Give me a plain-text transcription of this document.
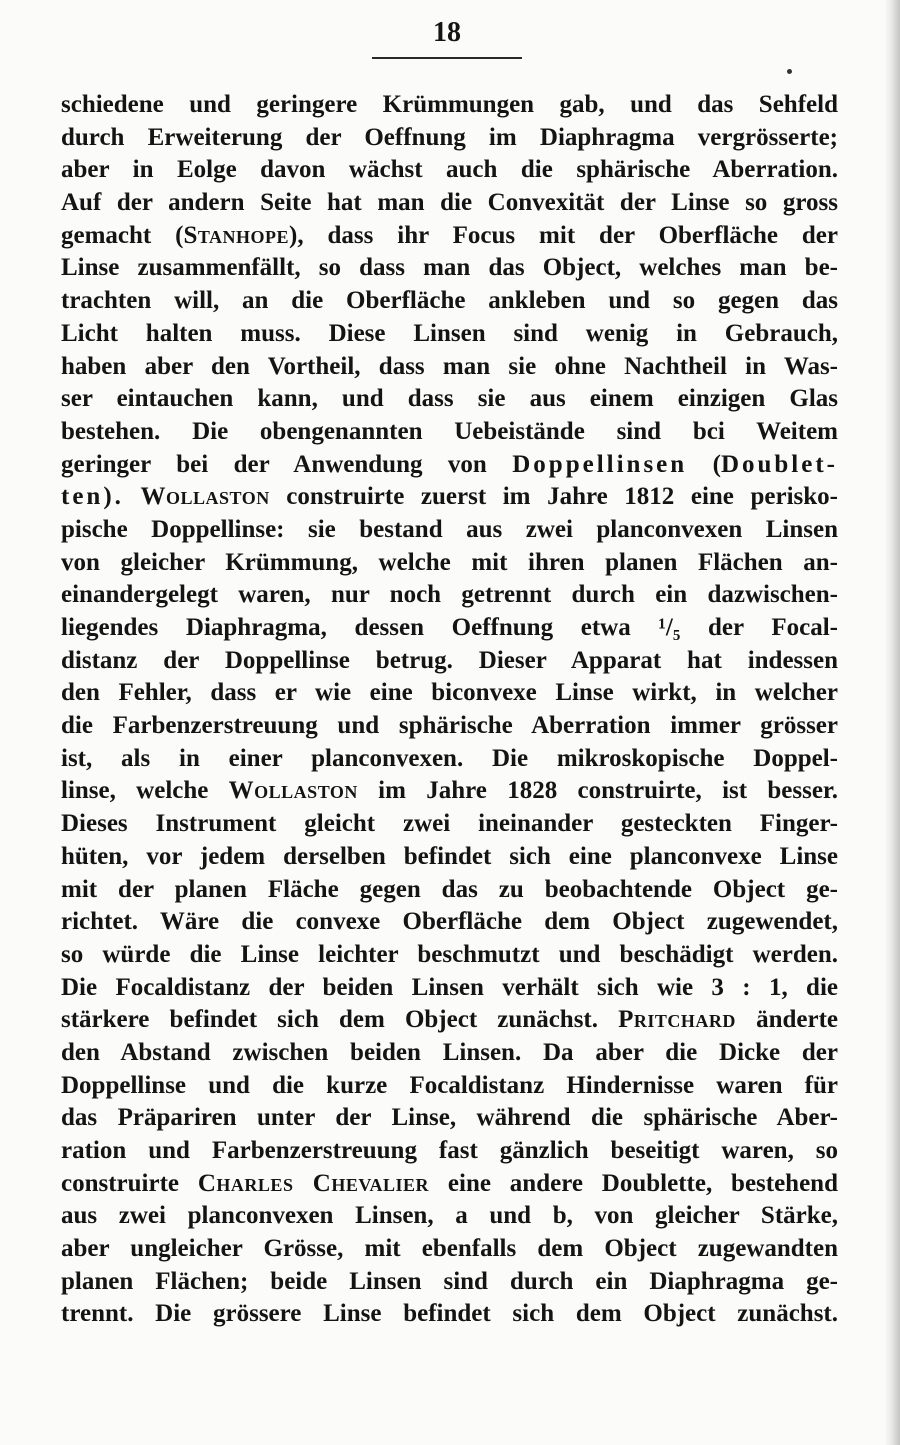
18
schiedene und geringere Krümmungen gab, und das Sehfeld
durch Erweiterung der Oeffnung im Diaphragma vergrösserte;
aber in Eolge davon wächst auch die sphärische Aberration.
Auf der andern Seite hat man die Convexität der Linse so gross
gemacht (Stanhope), dass ihr Focus mit der Oberfläche der
Linse zusammenfällt, so dass man das Object, welches man be-
trachten will, an die Oberfläche ankleben und so gegen das
Licht halten muss. Diese Linsen sind wenig in Gebrauch,
haben aber den Vortheil, dass man sie ohne Nachtheil in Was-
ser eintauchen kann, und dass sie aus einem einzigen Glas
bestehen. Die obengenannten Uebeistände sind bci Weitem
geringer bei der Anwendung von Doppellinsen (Doublet-
ten). Wollaston construirte zuerst im Jahre 1812 eine perisko-
pische Doppellinse: sie bestand aus zwei planconvexen Linsen
von gleicher Krümmung, welche mit ihren planen Flächen an-
einandergelegt waren, nur noch getrennt durch ein dazwischen-
liegendes Diaphragma, dessen Oeffnung etwa ¹/₅ der Focal-
distanz der Doppellinse betrug. Dieser Apparat hat indessen
den Fehler, dass er wie eine biconvexe Linse wirkt, in welcher
die Farbenzerstreuung und sphärische Aberration immer grösser
ist, als in einer planconvexen. Die mikroskopische Doppel-
linse, welche Wollaston im Jahre 1828 construirte, ist besser.
Dieses Instrument gleicht zwei ineinander gesteckten Finger-
hüten, vor jedem derselben befindet sich eine planconvexe Linse
mit der planen Fläche gegen das zu beobachtende Object ge-
richtet. Wäre die convexe Oberfläche dem Object zugewendet,
so würde die Linse leichter beschmutzt und beschädigt werden.
Die Focaldistanz der beiden Linsen verhält sich wie 3 : 1, die
stärkere befindet sich dem Object zunächst. Pritchard änderte
den Abstand zwischen beiden Linsen. Da aber die Dicke der
Doppellinse und die kurze Focaldistanz Hindernisse waren für
das Präpariren unter der Linse, während die sphärische Aber-
ration und Farbenzerstreuung fast gänzlich beseitigt waren, so
construirte Charles Chevalier eine andere Doublette, bestehend
aus zwei planconvexen Linsen, a und b, von gleicher Stärke,
aber ungleicher Grösse, mit ebenfalls dem Object zugewandten
planen Flächen; beide Linsen sind durch ein Diaphragma ge-
trennt. Die grössere Linse befindet sich dem Object zunächst.
